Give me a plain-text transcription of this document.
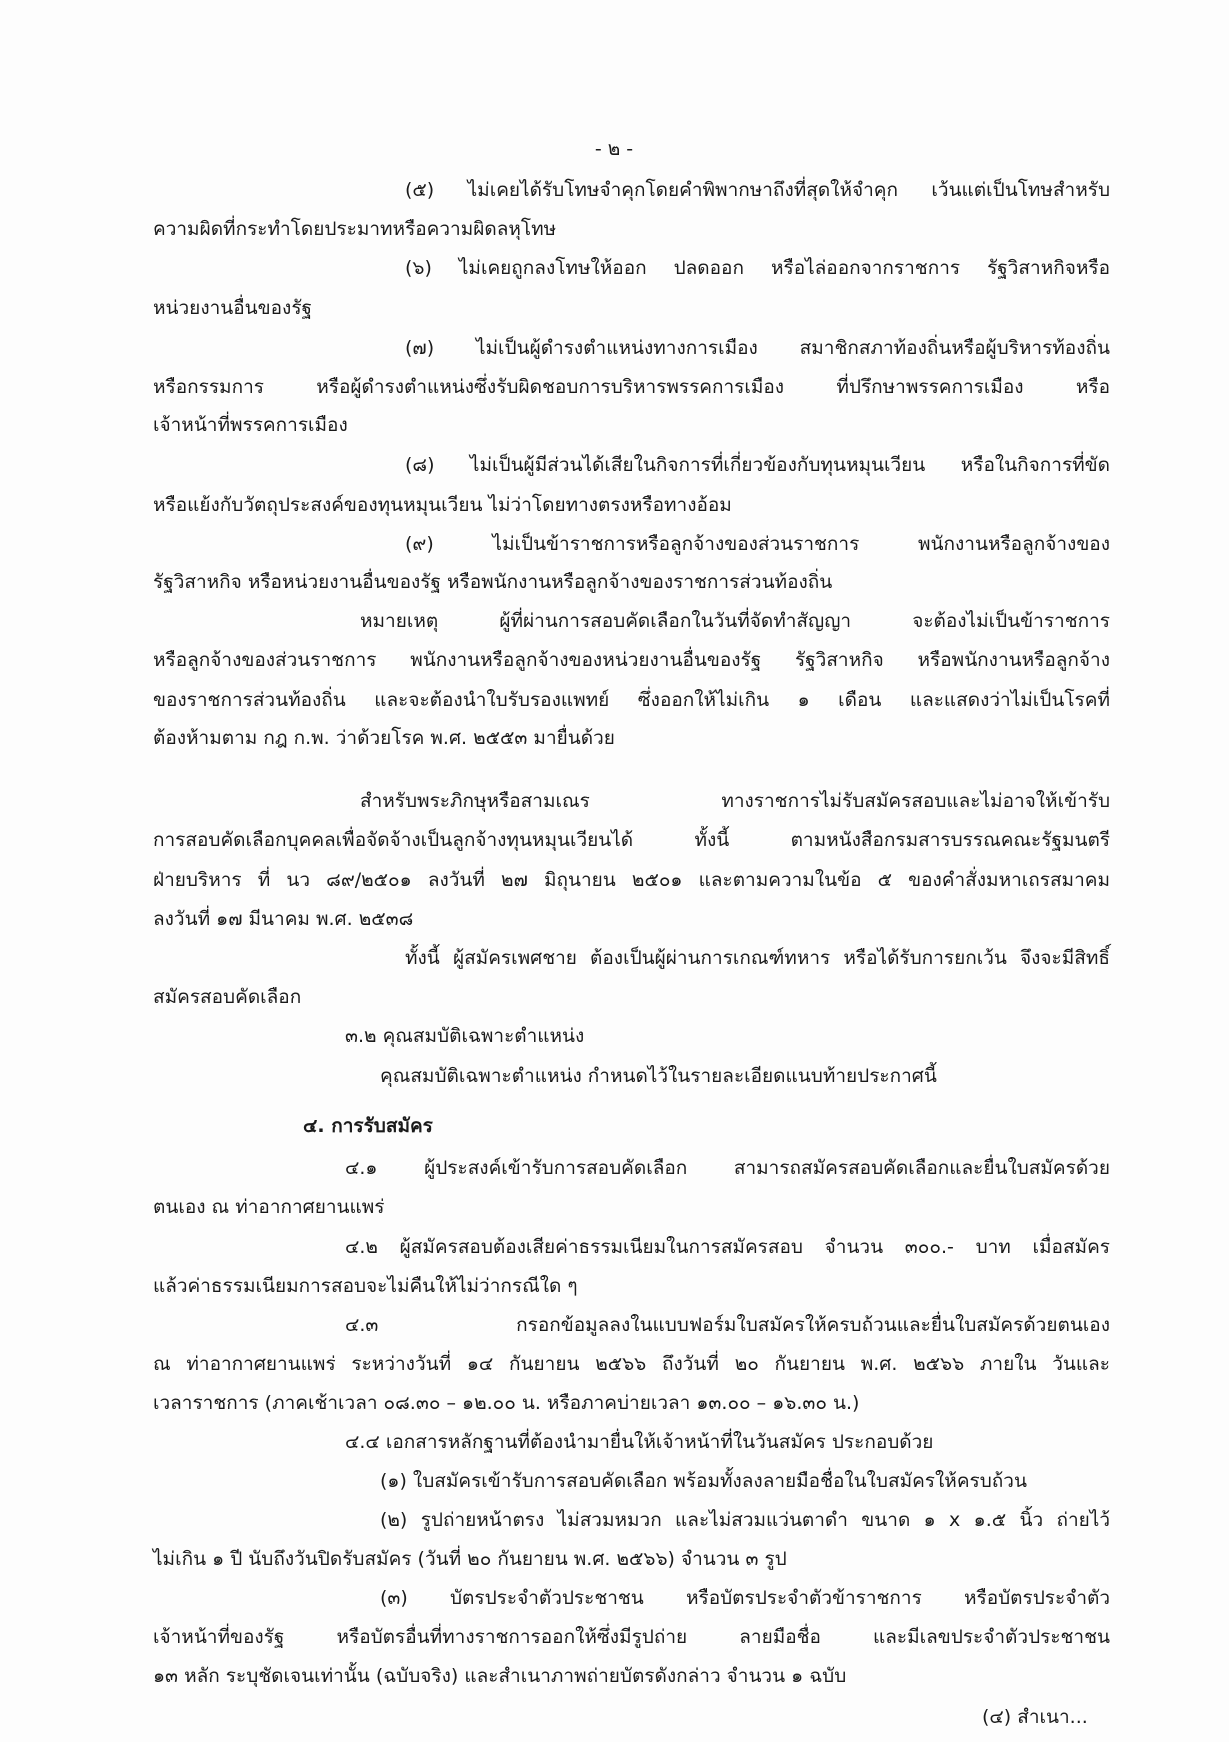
- ๒ -
(๕) ไม่เคยได้รับโทษจำคุกโดยคำพิพากษาถึงที่สุดให้จำคุก เว้นแต่เป็นโทษสำหรับ
ความผิดที่กระทำโดยประมาทหรือความผิดลหุโทษ
(๖) ไม่เคยถูกลงโทษให้ออก ปลดออก หรือไล่ออกจากราชการ รัฐวิสาหกิจหรือ
หน่วยงานอื่นของรัฐ
(๗) ไม่เป็นผู้ดำรงตำแหน่งทางการเมือง สมาชิกสภาท้องถิ่นหรือผู้บริหารท้องถิ่น
หรือกรรมการ หรือผู้ดำรงตำแหน่งซึ่งรับผิดชอบการบริหารพรรคการเมือง ที่ปรึกษาพรรคการเมือง หรือ
เจ้าหน้าที่พรรคการเมือง
(๘) ไม่เป็นผู้มีส่วนได้เสียในกิจการที่เกี่ยวข้องกับทุนหมุนเวียน หรือในกิจการที่ขัด
หรือแย้งกับวัตถุประสงค์ของทุนหมุนเวียน ไม่ว่าโดยทางตรงหรือทางอ้อม
(๙) ไม่เป็นข้าราชการหรือลูกจ้างของส่วนราชการ พนักงานหรือลูกจ้างของ
รัฐวิสาหกิจ หรือหน่วยงานอื่นของรัฐ หรือพนักงานหรือลูกจ้างของราชการส่วนท้องถิ่น
หมายเหตุ ผู้ที่ผ่านการสอบคัดเลือกในวันที่จัดทำสัญญา จะต้องไม่เป็นข้าราชการ
หรือลูกจ้างของส่วนราชการ พนักงานหรือลูกจ้างของหน่วยงานอื่นของรัฐ รัฐวิสาหกิจ หรือพนักงานหรือลูกจ้าง
ของราชการส่วนท้องถิ่น และจะต้องนำใบรับรองแพทย์ ซึ่งออกให้ไม่เกิน ๑ เดือน และแสดงว่าไม่เป็นโรคที่
ต้องห้ามตาม กฎ ก.พ. ว่าด้วยโรค พ.ศ. ๒๕๕๓ มายื่นด้วย
สำหรับพระภิกษุหรือสามเณร ทางราชการไม่รับสมัครสอบและไม่อาจให้เข้ารับ
การสอบคัดเลือกบุคคลเพื่อจัดจ้างเป็นลูกจ้างทุนหมุนเวียนได้ ทั้งนี้ ตามหนังสือกรมสารบรรณคณะรัฐมนตรี
ฝ่ายบริหาร ที่ นว ๘๙/๒๕๐๑ ลงวันที่ ๒๗ มิถุนายน ๒๕๐๑ และตามความในข้อ ๕ ของคำสั่งมหาเถรสมาคม
ลงวันที่ ๑๗ มีนาคม พ.ศ. ๒๕๓๘
ทั้งนี้ ผู้สมัครเพศชาย ต้องเป็นผู้ผ่านการเกณฑ์ทหาร หรือได้รับการยกเว้น จึงจะมีสิทธิ์
สมัครสอบคัดเลือก
๓.๒ คุณสมบัติเฉพาะตำแหน่ง
คุณสมบัติเฉพาะตำแหน่ง กำหนดไว้ในรายละเอียดแนบท้ายประกาศนี้
๔. การรับสมัคร
๔.๑ ผู้ประสงค์เข้ารับการสอบคัดเลือก สามารถสมัครสอบคัดเลือกและยื่นใบสมัครด้วย
ตนเอง ณ ท่าอากาศยานแพร่
๔.๒ ผู้สมัครสอบต้องเสียค่าธรรมเนียมในการสมัครสอบ จำนวน ๓๐๐.- บาท เมื่อสมัคร
แล้วค่าธรรมเนียมการสอบจะไม่คืนให้ไม่ว่ากรณีใด ๆ
๔.๓ กรอกข้อมูลลงในแบบฟอร์มใบสมัครให้ครบถ้วนและยื่นใบสมัครด้วยตนเอง
ณ ท่าอากาศยานแพร่ ระหว่างวันที่ ๑๔ กันยายน ๒๕๖๖ ถึงวันที่ ๒๐ กันยายน พ.ศ. ๒๕๖๖ ภายใน วันและ
เวลาราชการ (ภาคเช้าเวลา ๐๘.๓๐ – ๑๒.๐๐ น. หรือภาคบ่ายเวลา ๑๓.๐๐ – ๑๖.๓๐ น.)
๔.๔ เอกสารหลักฐานที่ต้องนำมายื่นให้เจ้าหน้าที่ในวันสมัคร ประกอบด้วย
(๑) ใบสมัครเข้ารับการสอบคัดเลือก พร้อมทั้งลงลายมือชื่อในใบสมัครให้ครบถ้วน
(๒) รูปถ่ายหน้าตรง ไม่สวมหมวก และไม่สวมแว่นตาดำ ขนาด ๑ x ๑.๕ นิ้ว ถ่ายไว้
ไม่เกิน ๑ ปี นับถึงวันปิดรับสมัคร (วันที่ ๒๐ กันยายน พ.ศ. ๒๕๖๖) จำนวน ๓ รูป
(๓) บัตรประจำตัวประชาชน หรือบัตรประจำตัวข้าราชการ หรือบัตรประจำตัว
เจ้าหน้าที่ของรัฐ หรือบัตรอื่นที่ทางราชการออกให้ซึ่งมีรูปถ่าย ลายมือชื่อ และมีเลขประจำตัวประชาชน
๑๓ หลัก ระบุชัดเจนเท่านั้น (ฉบับจริง) และสำเนาภาพถ่ายบัตรดังกล่าว จำนวน ๑ ฉบับ
(๔) สำเนา...
